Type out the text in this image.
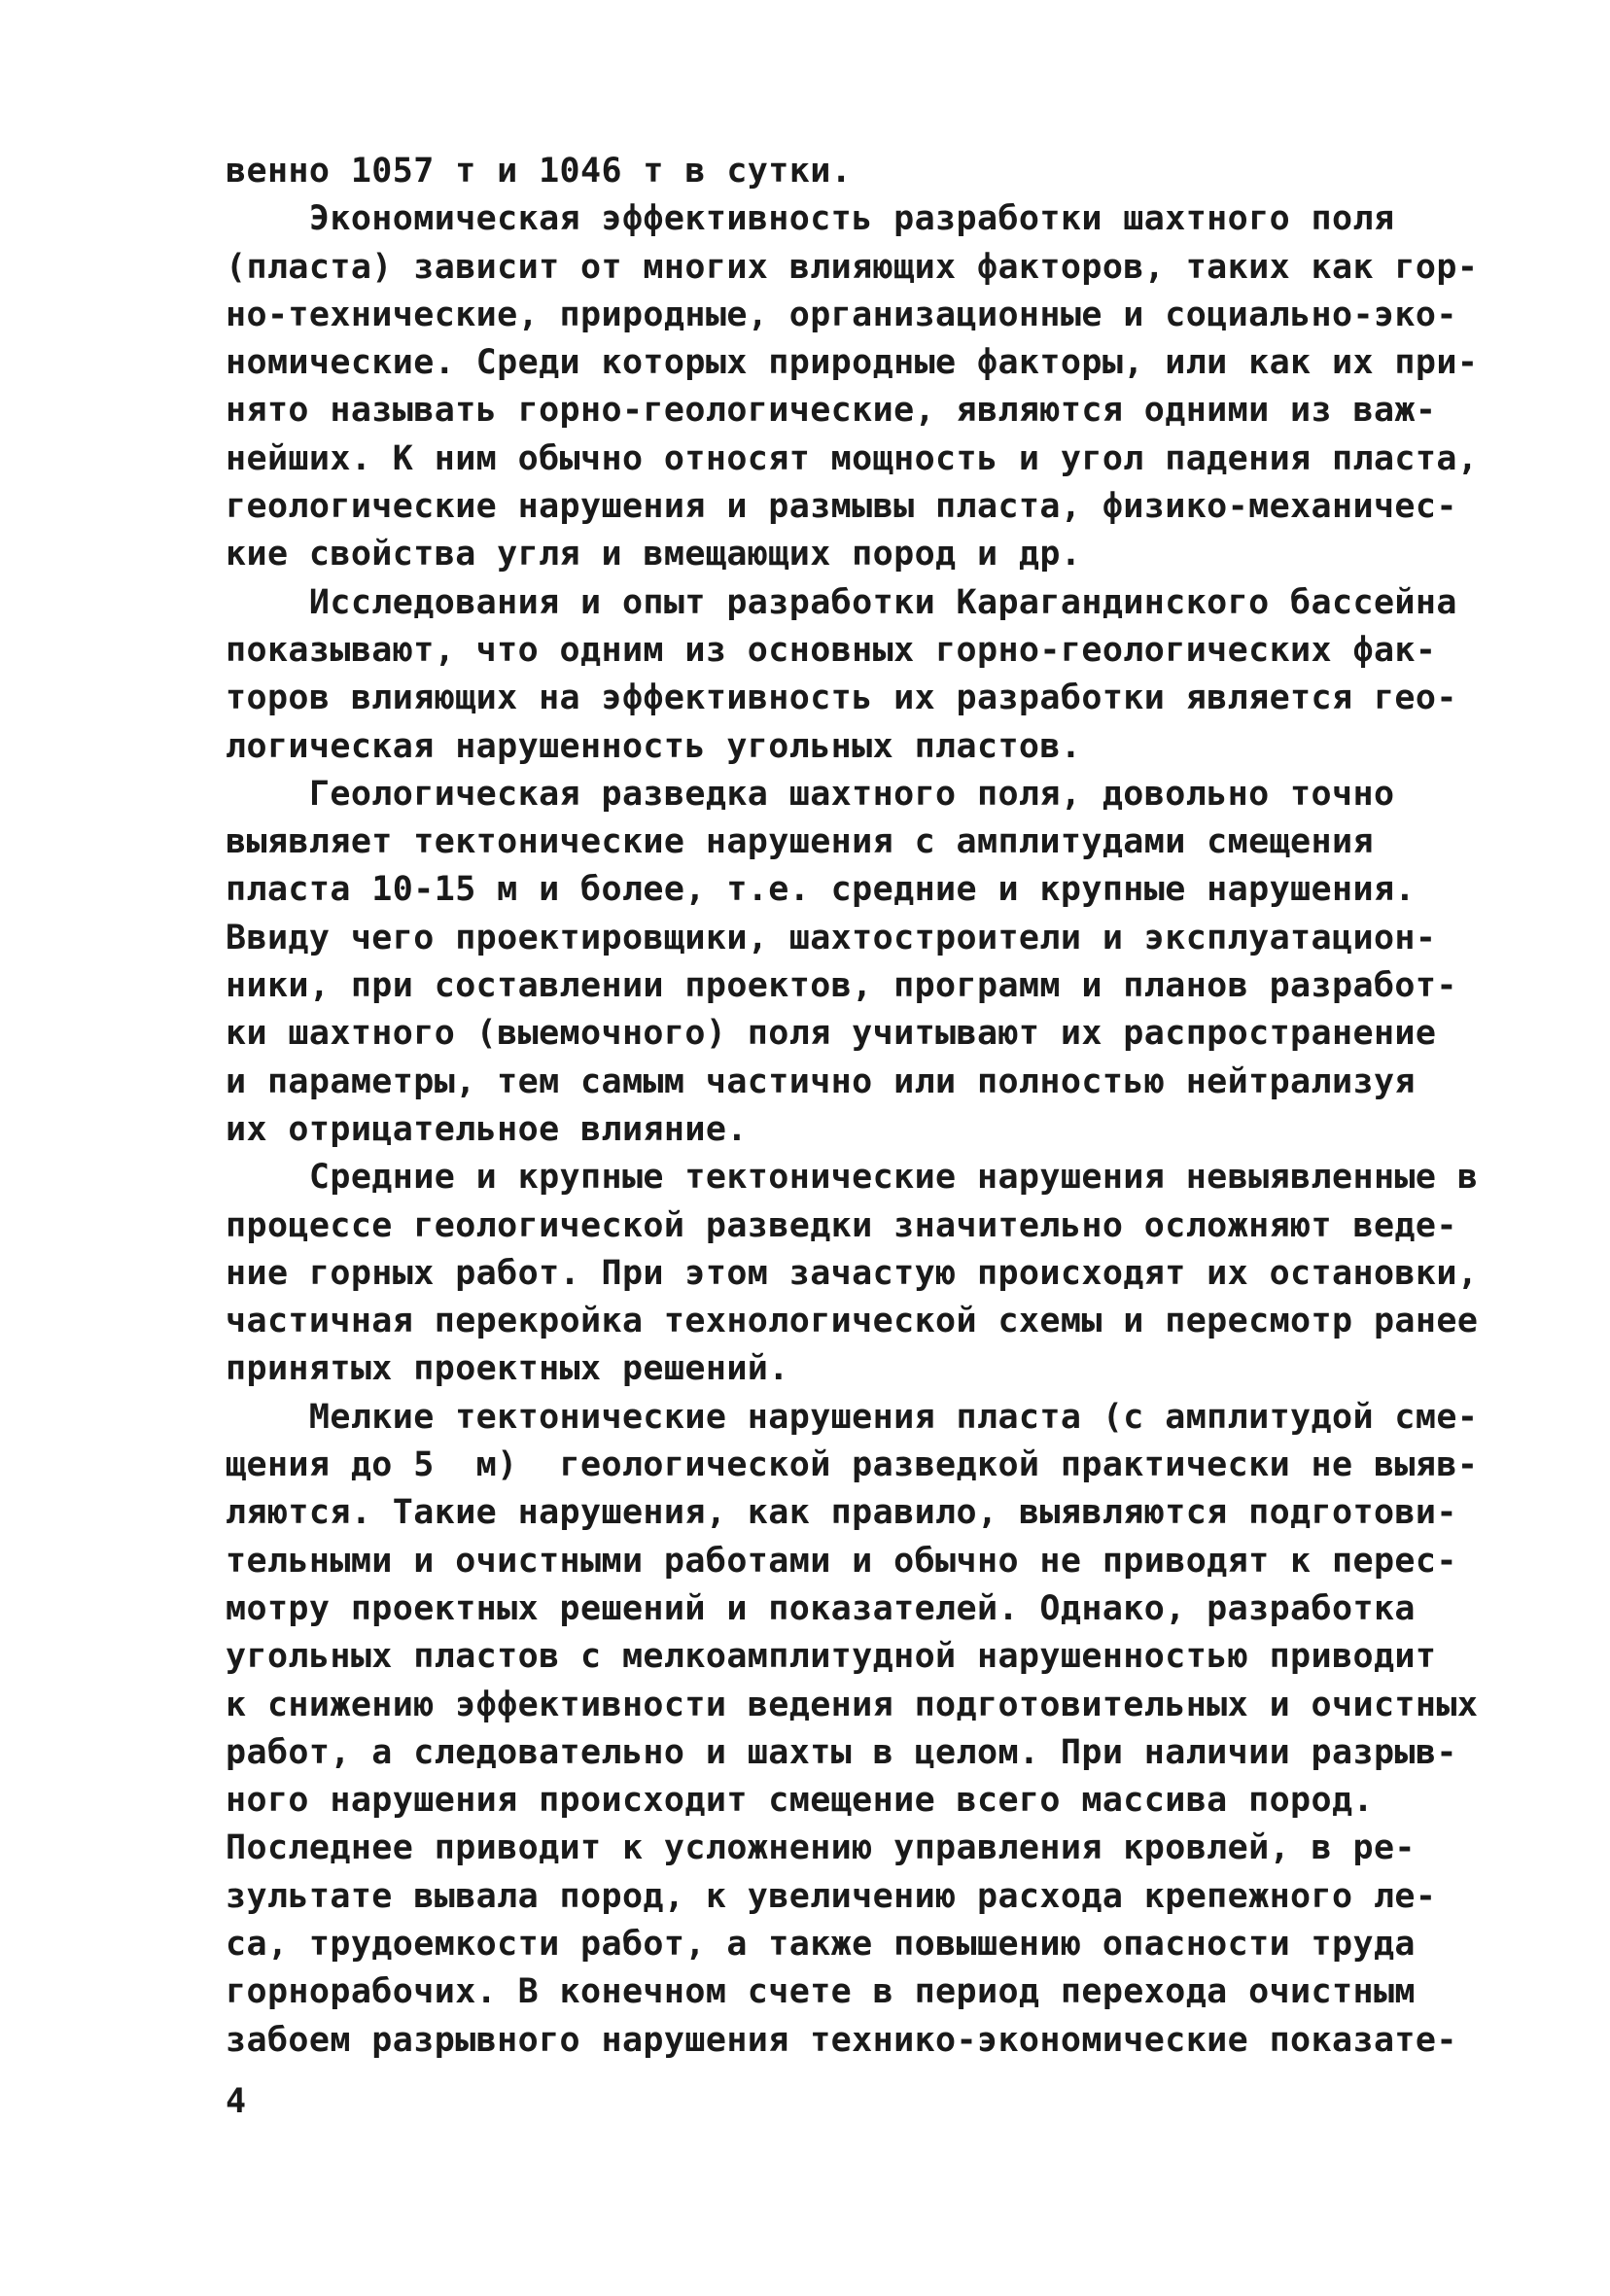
венно 1057 т и 1046 т в сутки.

Экономическая эффективность разработки шахтного поля

(пласта) зависит от многих влияющих факторов, таких как гор-

но-технические, природные, организационные и социально-эко-

номические. Среди которых природные факторы, или как их при-

нято называть горно-геологические, являются одними из важ-

нейших. К ним обычно относят мощность и угол падения пласта,

геологические нарушения и размывы пласта, физико-механичес-

кие свойства угля и вмещающих пород и др.

Исследования и опыт разработки Карагандинского бассейна

показывают, что одним из основных горно-геологических фак-

торов влияющих на эффективность их разработки является гео-

логическая нарушенность угольных пластов.

Геологическая разведка шахтного поля, довольно точно

выявляет тектонические нарушения с амплитудами смещения

пласта 10-15 м и более, т.е. средние и крупные нарушения.

Ввиду чего проектировщики, шахтостроители и эксплуатацион-

ники, при составлении проектов, программ и планов разработ-

ки шахтного (выемочного) поля учитывают их распространение

и параметры, тем самым частично или полностью нейтрализуя

их отрицательное влияние.

Средние и крупные тектонические нарушения невыявленные в

процессе геологической разведки значительно осложняют веде-

ние горных работ. При этом зачастую происходят их остановки,

частичная перекройка технологической схемы и пересмотр ранее

принятых проектных решений.

Мелкие тектонические нарушения пласта (с амплитудой сме-

щения до 5  м)  геологической разведкой практически не выяв-

ляются. Такие нарушения, как правило, выявляются подготови-

тельными и очистными работами и обычно не приводят к перес-

мотру проектных решений и показателей. Однако, разработка

угольных пластов с мелкоамплитудной нарушенностью приводит

к снижению эффективности ведения подготовительных и очистных

работ, а следовательно и шахты в целом. При наличии разрыв-

ного нарушения происходит смещение всего массива пород.

Последнее приводит к усложнению управления кровлей, в ре-

зультате вывала пород, к увеличению расхода крепежного ле-

са, трудоемкости работ, а также повышению опасности труда

горнорабочих. В конечном счете в период перехода очистным

забоем разрывного нарушения технико-экономические показате-

4
